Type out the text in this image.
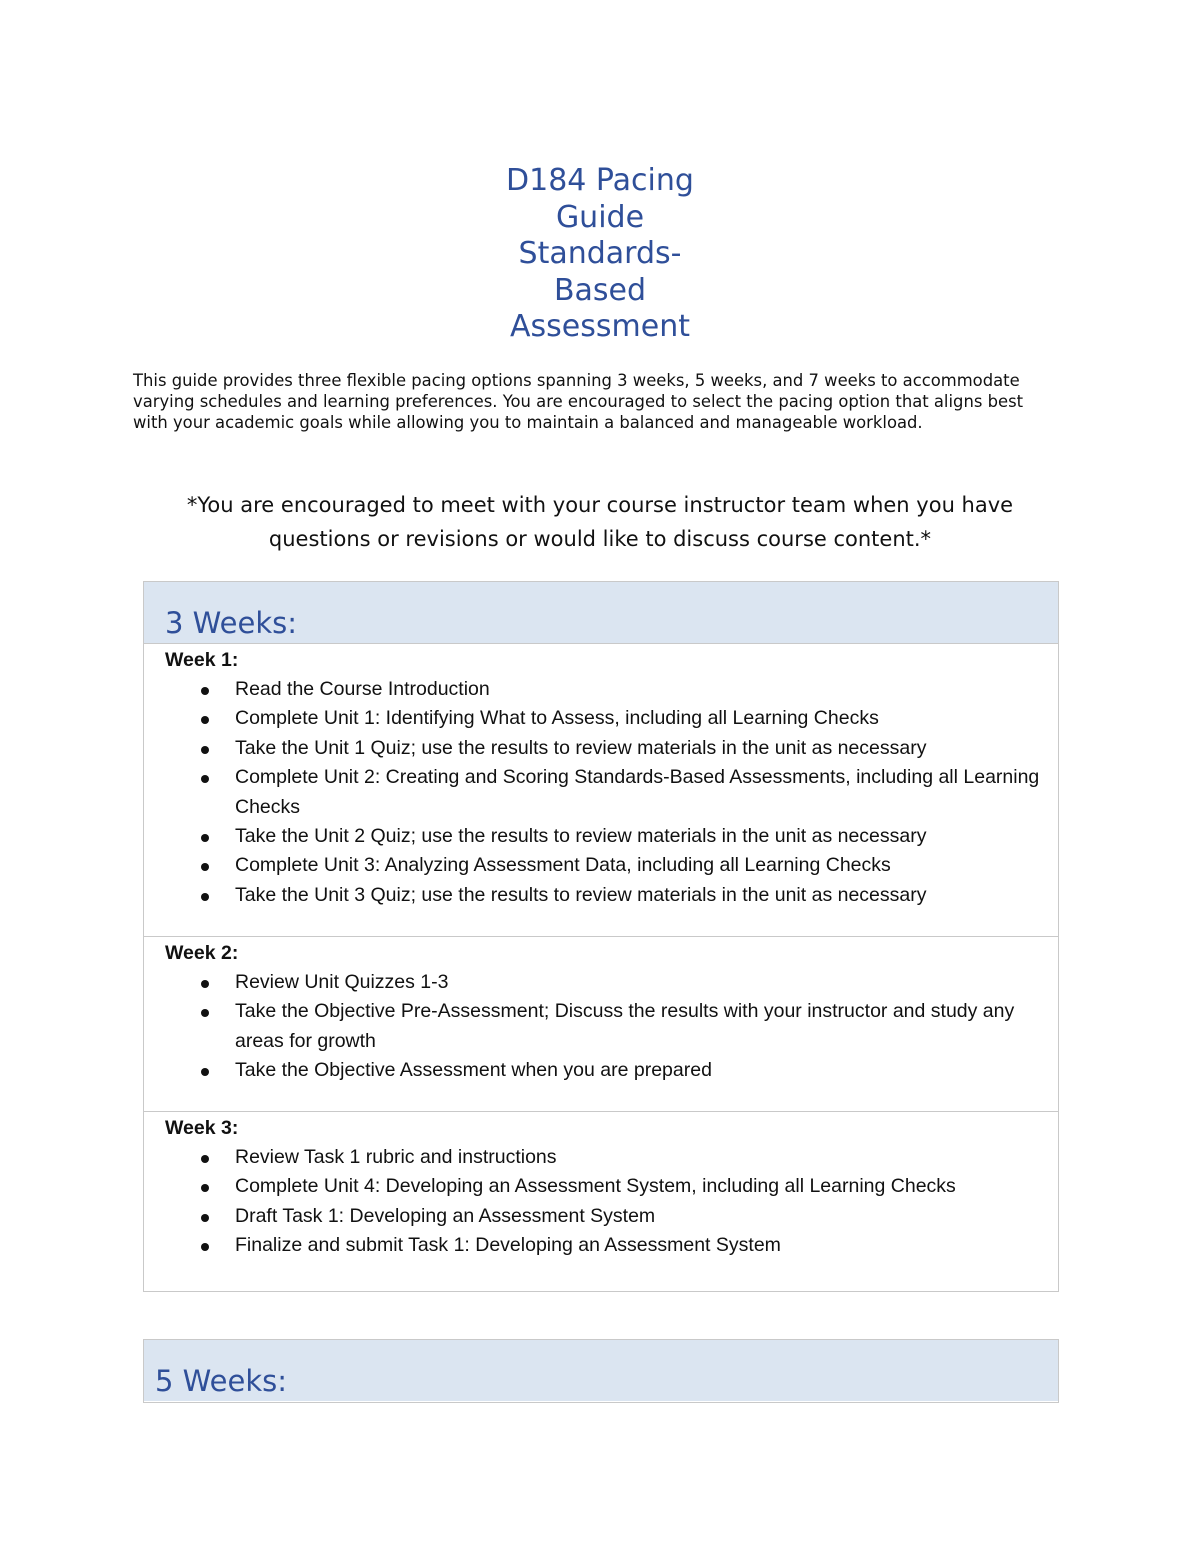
D184 Pacing
Guide
Standards-
Based
Assessment

This guide provides three flexible pacing options spanning 3 weeks, 5 weeks, and 7 weeks to accommodate varying schedules and learning preferences. You are encouraged to select the pacing option that aligns best with your academic goals while allowing you to maintain a balanced and manageable workload.

*You are encouraged to meet with your course instructor team when you have questions or revisions or would like to discuss course content.*

3 Weeks:

Week 1:

Read the Course Introduction
Complete Unit 1: Identifying What to Assess, including all Learning Checks
Take the Unit 1 Quiz; use the results to review materials in the unit as necessary
Complete Unit 2: Creating and Scoring Standards-Based Assessments, including all Learning Checks
Take the Unit 2 Quiz; use the results to review materials in the unit as necessary
Complete Unit 3: Analyzing Assessment Data, including all Learning Checks
Take the Unit 3 Quiz; use the results to review materials in the unit as necessary

Week 2:

Review Unit Quizzes 1-3
Take the Objective Pre-Assessment; Discuss the results with your instructor and study any areas for growth
Take the Objective Assessment when you are prepared

Week 3:

Review Task 1 rubric and instructions
Complete Unit 4: Developing an Assessment System, including all Learning Checks
Draft Task 1: Developing an Assessment System
Finalize and submit Task 1: Developing an Assessment System
5 Weeks:
